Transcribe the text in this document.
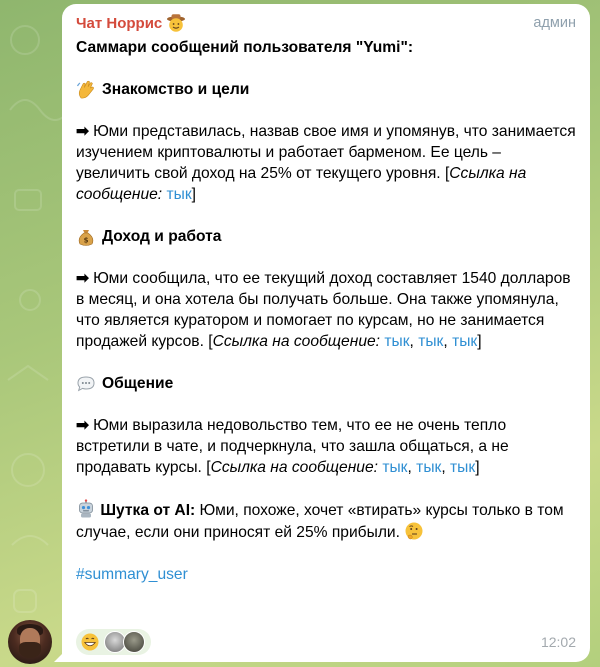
Чат Норрис	админ
Саммари сообщений пользователя "Yumi":
Знакомство и цели
➡ Юми представилась, назвав свое имя и упомянув, что занимается изучением криптовалюты и работает барменом. Ее цель – увеличить свой доход на 25% от текущего уровня. [Ссылка на сообщение: тык]
$ Доход и работа
➡ Юми сообщила, что ее текущий доход составляет 1540 долларов в месяц, и она хотела бы получать больше. Она также упомянула, что является куратором и помогает по курсам, но не занимается продажей курсов. [Ссылка на сообщение: тык, тык, тык]
Общение
➡ Юми выразила недовольство тем, что ее не очень тепло встретили в чате, и подчеркнула, что зашла общаться, а не продавать курсы. [Ссылка на сообщение: тык, тык, тык]
Шутка от AI: Юми, похоже, хочет «втирать» курсы только в том случае, если они приносят ей 25% прибыли.
#summary_user
12:02
